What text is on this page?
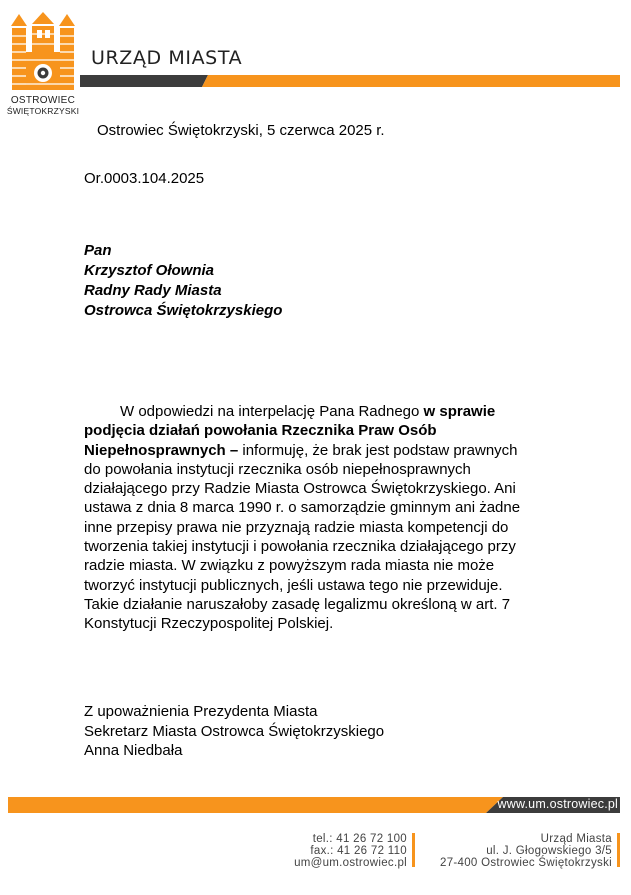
OSTROWIEC
ŚWIĘTOKRZYSKI
URZĄD MIASTA
Ostrowiec Świętokrzyski, 5 czerwca 2025 r.
Or.0003.104.2025
Pan
Krzysztof Ołownia
Radny Rady Miasta
Ostrowca Świętokrzyskiego

W odpowiedzi na interpelację Pana Radnego w sprawie podjęcia działań powołania Rzecznika Praw Osób Niepełnosprawnych – informuję, że brak jest podstaw prawnych do powołania instytucji rzecznika osób niepełnosprawnych działającego przy Radzie Miasta Ostrowca Świętokrzyskiego. Ani ustawa z dnia 8 marca 1990 r. o samorządzie gminnym ani żadne inne przepisy prawa nie przyznają radzie miasta kompetencji do tworzenia takiej instytucji i powołania rzecznika działającego przy radzie miasta. W związku z powyższym rada miasta nie może tworzyć instytucji publicznych, jeśli ustawa tego nie przewiduje. Takie działanie naruszałoby zasadę legalizmu określoną w art. 7 Konstytucji Rzeczypospolitej Polskiej.

Z upoważnienia Prezydenta Miasta
Sekretarz Miasta Ostrowca Świętokrzyskiego
Anna Niedbała
www.um.ostrowiec.pl
tel.: 41 26 72 100
fax.: 41 26 72 110
um@um.ostrowiec.pl
Urząd Miasta
ul. J. Głogowskiego 3/5
27-400 Ostrowiec Świętokrzyski
